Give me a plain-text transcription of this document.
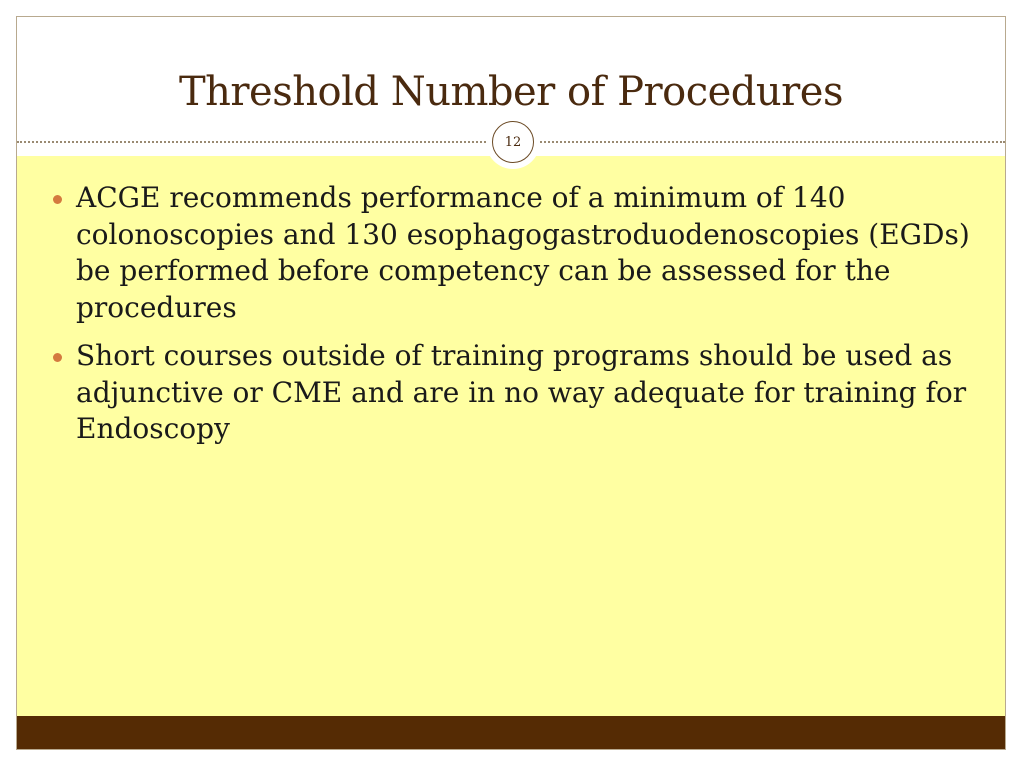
Threshold Number of Procedures
12
ACGE recommends performance of a minimum of 140 colonoscopies and 130 esophagogastroduodenoscopies (EGDs) be performed before competency can be assessed for the procedures
Short courses outside of training programs should be used as adjunctive or CME and are in no way adequate for training for Endoscopy
